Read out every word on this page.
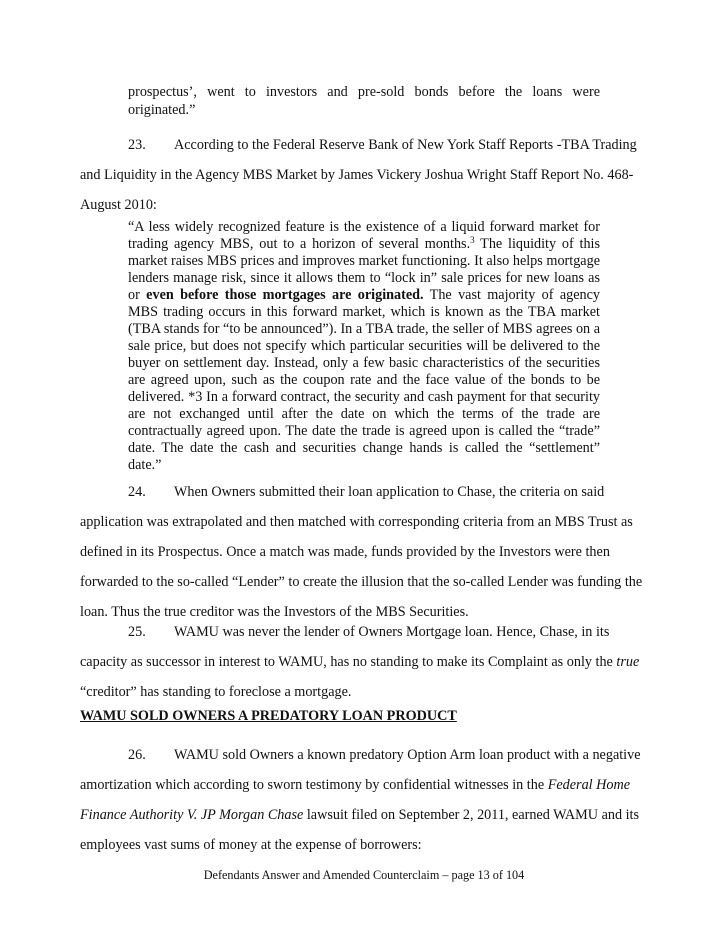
prospectus’, went to investors and pre-sold bonds before the loans were originated.”
23. According to the Federal Reserve Bank of New York Staff Reports -TBA Trading and Liquidity in the Agency MBS Market by James Vickery Joshua Wright Staff Report No. 468-August 2010:
“A less widely recognized feature is the existence of a liquid forward market for trading agency MBS, out to a horizon of several months.$^3$ The liquidity of this market raises MBS prices and improves market functioning. It also helps mortgage lenders manage risk, since it allows them to “lock in” sale prices for new loans as or even before those mortgages are originated. The vast majority of agency MBS trading occurs in this forward market, which is known as the TBA market (TBA stands for “to be announced”). In a TBA trade, the seller of MBS agrees on a sale price, but does not specify which particular securities will be delivered to the buyer on settlement day. Instead, only a few basic characteristics of the securities are agreed upon, such as the coupon rate and the face value of the bonds to be delivered. *3 In a forward contract, the security and cash payment for that security are not exchanged until after the date on which the terms of the trade are contractually agreed upon. The date the trade is agreed upon is called the “trade” date. The date the cash and securities change hands is called the “settlement” date.”
24. When Owners submitted their loan application to Chase, the criteria on said application was extrapolated and then matched with corresponding criteria from an MBS Trust as defined in its Prospectus. Once a match was made, funds provided by the Investors were then forwarded to the so-called “Lender” to create the illusion that the so-called Lender was funding the loan. Thus the true creditor was the Investors of the MBS Securities.
25. WAMU was never the lender of Owners Mortgage loan. Hence, Chase, in its capacity as successor in interest to WAMU, has no standing to make its Complaint as only the true “creditor” has standing to foreclose a mortgage.
WAMU SOLD OWNERS A PREDATORY LOAN PRODUCT
26. WAMU sold Owners a known predatory Option Arm loan product with a negative amortization which according to sworn testimony by confidential witnesses in the Federal Home Finance Authority V. JP Morgan Chase lawsuit filed on September 2, 2011, earned WAMU and its employees vast sums of money at the expense of borrowers:
Defendants Answer and Amended Counterclaim – page 13 of 104
